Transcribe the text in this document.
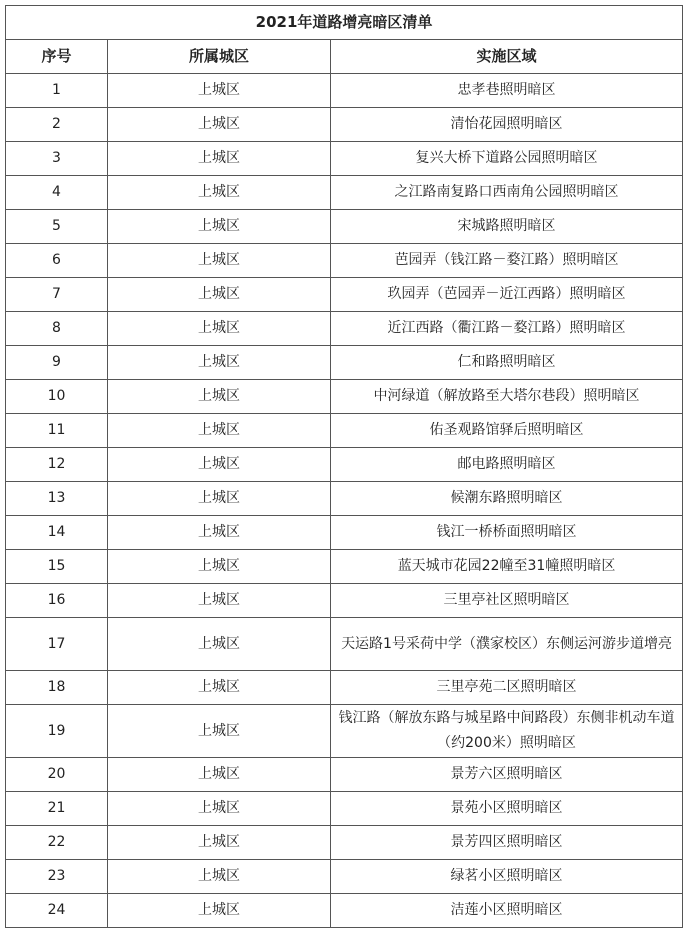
2021年道路增亮暗区清单		
序号	所属城区	实施区域
1	上城区	忠孝巷照明暗区
2	上城区	清怡花园照明暗区
3	上城区	复兴大桥下道路公园照明暗区
4	上城区	之江路南复路口西南角公园照明暗区
5	上城区	宋城路照明暗区
6	上城区	芭园弄（钱江路－婺江路）照明暗区
7	上城区	玖园弄（芭园弄－近江西路）照明暗区
8	上城区	近江西路（衢江路－婺江路）照明暗区
9	上城区	仁和路照明暗区
10	上城区	中河绿道（解放路至大塔尔巷段）照明暗区
11	上城区	佑圣观路馆驿后照明暗区
12	上城区	邮电路照明暗区
13	上城区	候潮东路照明暗区
14	上城区	钱江一桥桥面照明暗区
15	上城区	蓝天城市花园22幢至31幢照明暗区
16	上城区	三里亭社区照明暗区
17	上城区	天运路1号采荷中学（濮家校区）东侧运河游步道增亮
18	上城区	三里亭苑二区照明暗区
19	上城区	钱江路（解放东路与城星路中间路段）东侧非机动车道（约200米）照明暗区
20	上城区	景芳六区照明暗区
21	上城区	景苑小区照明暗区
22	上城区	景芳四区照明暗区
23	上城区	绿茗小区照明暗区
24	上城区	洁莲小区照明暗区
